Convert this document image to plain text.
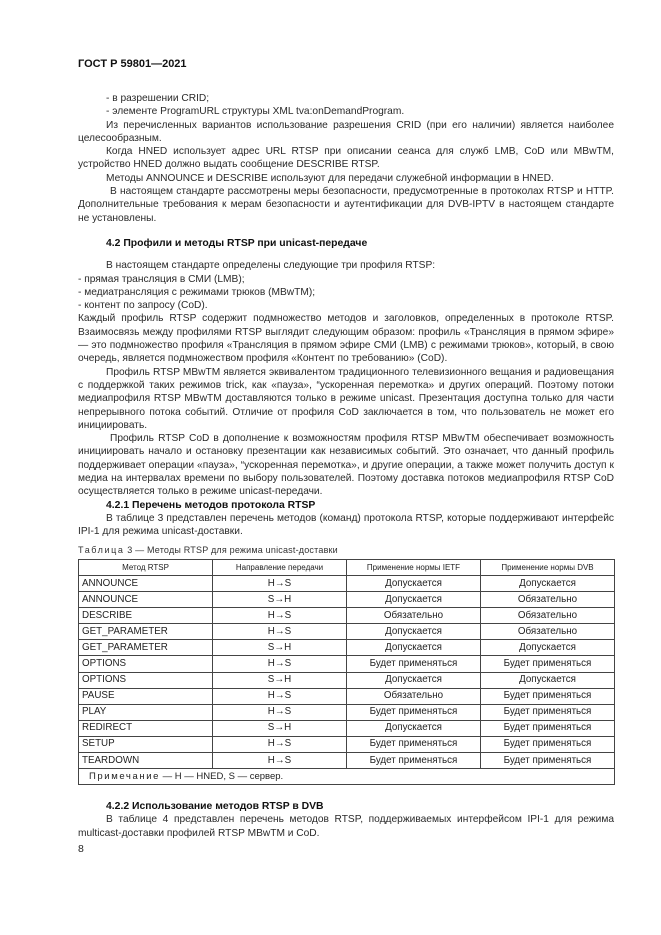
ГОСТ Р 59801—2021

- в разрешении CRID;

- элементе ProgramURL структуры XML tva:onDemandProgram.

Из перечисленных вариантов использование разрешения CRID (при его наличии) является наиболее целесообразным.

Когда HNED использует адрес URL RTSP при описании сеанса для служб LMB, CoD или MBwTM, устройство HNED должно выдать сообщение DESCRIBE RTSP.

Методы ANNOUNCE и DESCRIBE используют для передачи служебной информации в HNED.

В настоящем стандарте рассмотрены меры безопасности, предусмотренные в протоколах RTSP и HTTP. Дополнительные требования к мерам безопасности и аутентификации для DVB-IPTV в настоящем стандарте не установлены.

4.2 Профили и методы RTSP при unicast-передаче

В настоящем стандарте определены следующие три профиля RTSP:

- прямая трансляция в СМИ (LMB);

- медиатрансляция с режимами трюков (MBwTM);

- контент по запросу (CoD).

Каждый профиль RTSP содержит подмножество методов и заголовков, определенных в протоколе RTSP. Взаимосвязь между профилями RTSP выглядит следующим образом: профиль «Трансляция в прямом эфире» — это подмножество профиля «Трансляция в прямом эфире СМИ (LMB) с режимами трюков», который, в свою очередь, является подмножеством профиля «Контент по требованию» (CoD).

Профиль RTSP MBwTM является эквивалентом традиционного телевизионного вещания и радиовещания с поддержкой таких режимов trick, как «пауза», “ускоренная перемотка» и других операций. Поэтому потоки медиапрофиля RTSP MBwTM доставляются только в режиме unicast. Презентация доступна только для части непрерывного потока событий. Отличие от профиля CoD заключается в том, что пользователь не может его инициировать.

Профиль RTSP CoD в дополнение к возможностям профиля RTSP MBwTM обеспечивает возможность инициировать начало и остановку презентации как независимых событий. Это означает, что данный профиль поддерживает операции «пауза», “ускоренная перемотка», и другие операции, а также может получить доступ к медиа на интервалах времени по выбору пользователей. Поэтому доставка потоков медиапрофиля RTSP CoD осуществляется только в режиме unicast-передачи.

4.2.1 Перечень методов протокола RTSP

В таблице 3 представлен перечень методов (команд) протокола RTSP, которые поддерживают интерфейс IPI-1 для режима unicast-доставки.

Таблица 3 — Методы RTSP для режима unicast-доставки
Метод RTSP	Направление передачи	Применение нормы IETF	Применение нормы DVB
ANNOUNCE	H→S	Допускается	Допускается
ANNOUNCE	S→H	Допускается	Обязательно
DESCRIBE	H→S	Обязательно	Обязательно
GET_PARAMETER	H→S	Допускается	Обязательно
GET_PARAMETER	S→H	Допускается	Допускается
OPTIONS	H→S	Будет применяться	Будет применяться
OPTIONS	S→H	Допускается	Допускается
PAUSE	H→S	Обязательно	Будет применяться
PLAY	H→S	Будет применяться	Будет применяться
REDIRECT	S→H	Допускается	Будет применяться
SETUP	H→S	Будет применяться	Будет применяться
TEARDOWN	H→S	Будет применяться	Будет применяться
Примечание — H — HNED, S — сервер.			

4.2.2 Использование методов RTSP в DVB

В таблице 4 представлен перечень методов RTSP, поддерживаемых интерфейсом IPI-1 для режима multicast-доставки профилей RTSP MBwTM и CoD.

8
